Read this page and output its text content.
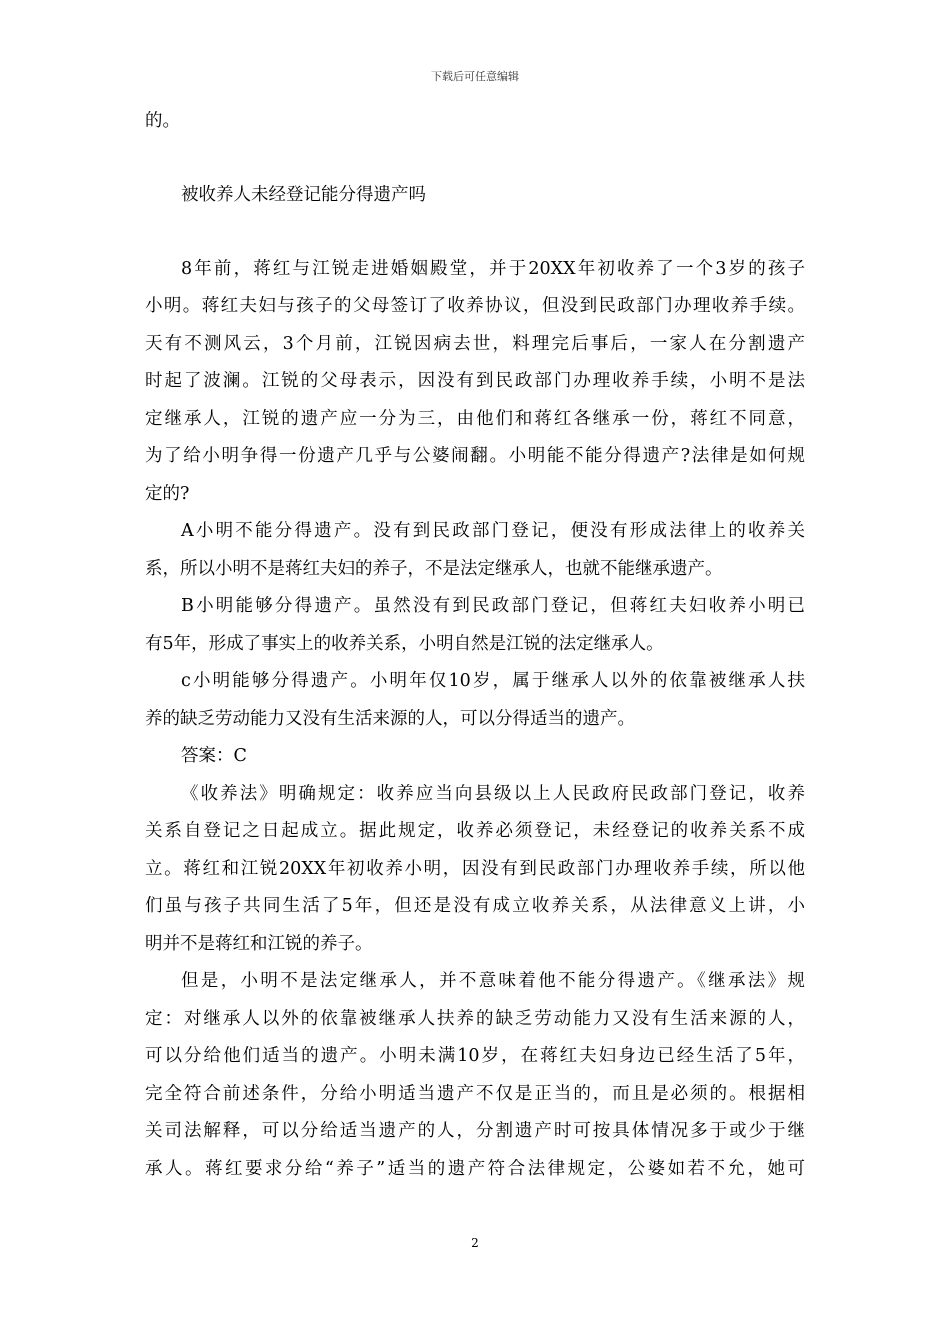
下载后可任意编辑
的。
被收养人未经登记能分得遗产吗
8年前，蒋红与江锐走进婚姻殿堂，并于20XX年初收养了一个3岁的孩子
小明。蒋红夫妇与孩子的父母签订了收养协议，但没到民政部门办理收养手续。
天有不测风云，3个月前，江锐因病去世，料理完后事后，一家人在分割遗产
时起了波澜。江锐的父母表示，因没有到民政部门办理收养手续，小明不是法
定继承人，江锐的遗产应一分为三，由他们和蒋红各继承一份，蒋红不同意，
为了给小明争得一份遗产几乎与公婆闹翻。小明能不能分得遗产?法律是如何规
定的?
A小明不能分得遗产。没有到民政部门登记，便没有形成法律上的收养关
系，所以小明不是蒋红夫妇的养子，不是法定继承人，也就不能继承遗产。
B小明能够分得遗产。虽然没有到民政部门登记，但蒋红夫妇收养小明已
有5年，形成了事实上的收养关系，小明自然是江锐的法定继承人。
c小明能够分得遗产。小明年仅10岁，属于继承人以外的依靠被继承人扶
养的缺乏劳动能力又没有生活来源的人，可以分得适当的遗产。
答案：C
《收养法》明确规定：收养应当向县级以上人民政府民政部门登记，收养
关系自登记之日起成立。据此规定，收养必须登记，未经登记的收养关系不成
立。蒋红和江锐20XX年初收养小明，因没有到民政部门办理收养手续，所以他
们虽与孩子共同生活了5年，但还是没有成立收养关系，从法律意义上讲，小
明并不是蒋红和江锐的养子。
但是，小明不是法定继承人，并不意味着他不能分得遗产。《继承法》规
定：对继承人以外的依靠被继承人扶养的缺乏劳动能力又没有生活来源的人，
可以分给他们适当的遗产。小明未满10岁，在蒋红夫妇身边已经生活了5年，
完全符合前述条件，分给小明适当遗产不仅是正当的，而且是必须的。根据相
关司法解释，可以分给适当遗产的人，分割遗产时可按具体情况多于或少于继
承人。蒋红要求分给“养子”适当的遗产符合法律规定，公婆如若不允，她可
2
